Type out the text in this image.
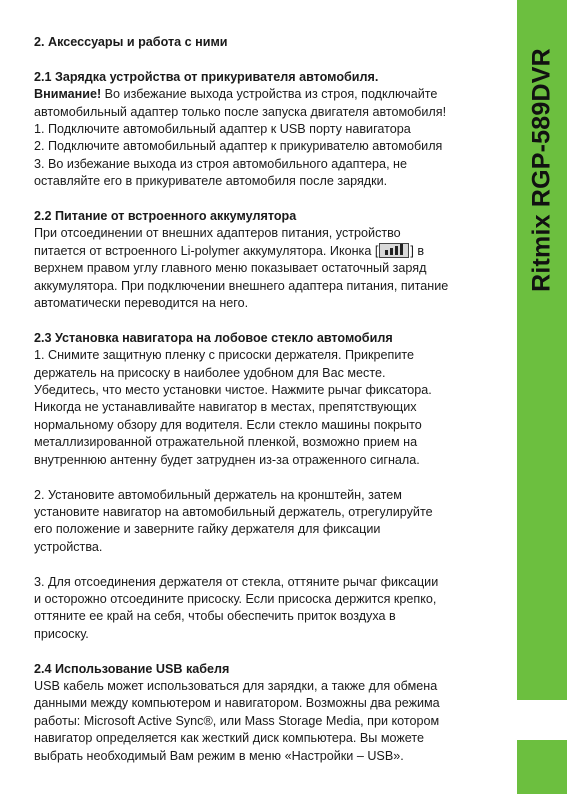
Ritmix RGP-589DVR

2. Аксессуары и работа с ними

2.1 Зарядка устройства от прикуривателя автомобиля.

Внимание! Во избежание выхода устройства из строя, подключайте

автомобильный адаптер только после запуска двигателя автомобиля!

1. Подключите автомобильный адаптер к USB порту навигатора

2. Подключите автомобильный адаптер к прикуривателю автомобиля

3. Во избежание выхода из строя автомобильного адаптера, не

оставляйте его в прикуривателе автомобиля после зарядки.

2.2 Питание от встроенного аккумулятора

При отсоединении от внешних адаптеров питания, устройство

питается от встроенного Li-polymer аккумулятора. Иконка [	] в

верхнем правом углу главного меню показывает остаточный заряд

аккумулятора. При подключении внешнего адаптера питания, питание

автоматически переводится на него.

2.3 Установка навигатора на лобовое стекло автомобиля

1. Снимите защитную пленку с присоски держателя. Прикрепите

держатель на присоску в наиболее удобном для Вас месте.

Убедитесь, что место установки чистое. Нажмите рычаг фиксатора.

Никогда не устанавливайте навигатор в местах, препятствующих

нормальному обзору для водителя. Если стекло машины покрыто

металлизированной отражательной пленкой, возможно прием на

внутреннюю антенну будет затруднен из-за отраженного сигнала.

2. Установите автомобильный держатель на кронштейн, затем

установите навигатор на автомобильный держатель, отрегулируйте

его положение и заверните гайку держателя для фиксации

устройства.

3. Для отсоединения держателя от стекла, оттяните рычаг фиксации

и осторожно отсоедините присоску. Если присоска держится крепко,

оттяните ее край на себя, чтобы обеспечить приток воздуха в

присоску.

2.4 Использование USB кабеля

USB кабель может использоваться для зарядки, а также для обмена

данными между компьютером и навигатором. Возможны два режима

работы: Microsoft Active Sync®, или Mass Storage Media, при котором

навигатор определяется как жесткий диск компьютера. Вы можете

выбрать необходимый Вам режим в меню «Настройки – USB».
